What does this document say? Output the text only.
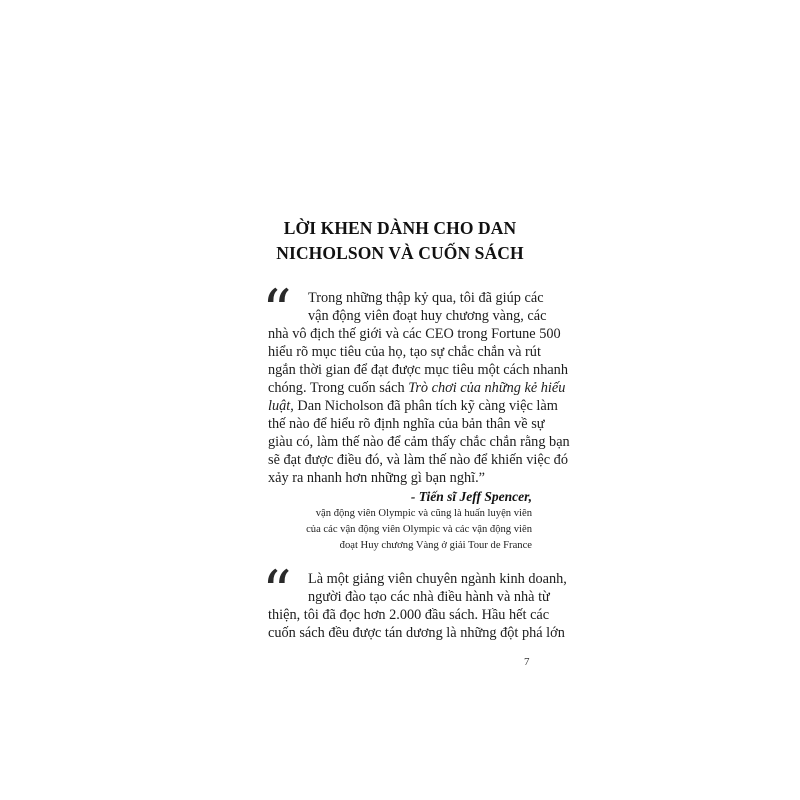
LỜI KHEN DÀNH CHO DAN
NICHOLSON VÀ CUỐN SÁCH
“ Trong những thập kỷ qua, tôi đã giúp các
vận động viên đoạt huy chương vàng, các
nhà vô địch thế giới và các CEO trong Fortune 500
hiểu rõ mục tiêu của họ, tạo sự chắc chắn và rút
ngắn thời gian để đạt được mục tiêu một cách nhanh
chóng. Trong cuốn sách Trò chơi của những kẻ hiếu
luật, Dan Nicholson đã phân tích kỹ càng việc làm
thế nào để hiểu rõ định nghĩa của bản thân về sự
giàu có, làm thế nào để cảm thấy chắc chắn rằng bạn
sẽ đạt được điều đó, và làm thế nào để khiến việc đó
xảy ra nhanh hơn những gì bạn nghĩ.”
- Tiến sĩ Jeff Spencer,
vận động viên Olympic và cũng là huấn luyện viên
của các vận động viên Olympic và các vận động viên
đoạt Huy chương Vàng ở giải Tour de France
“ Là một giảng viên chuyên ngành kinh doanh,
người đào tạo các nhà điều hành và nhà từ
thiện, tôi đã đọc hơn 2.000 đầu sách. Hầu hết các
cuốn sách đều được tán dương là những đột phá lớn
7
